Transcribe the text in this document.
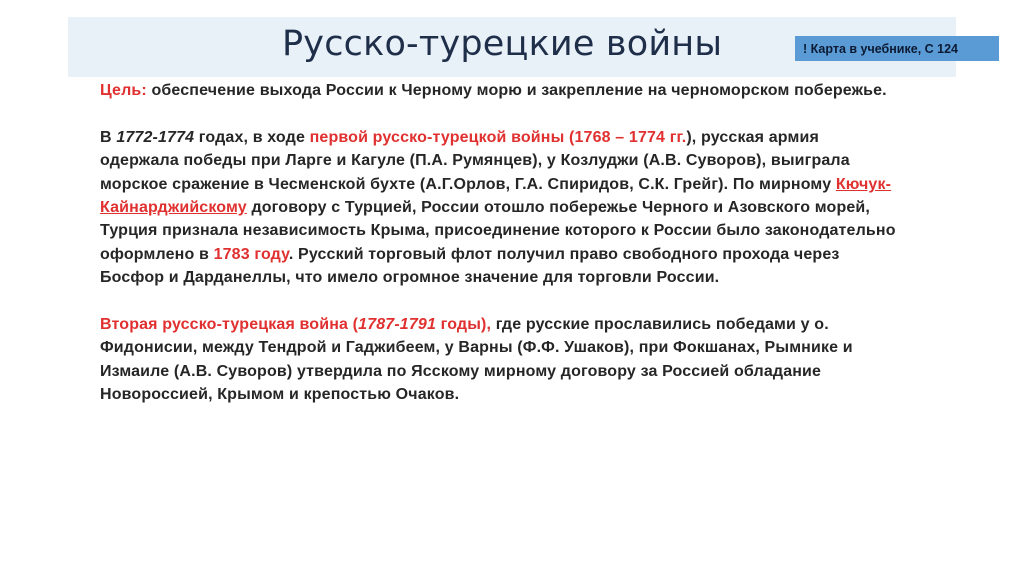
Русско-турецкие войны	! Карта в учебнике, С 124

Цель: обеспечение выхода России к Черному морю и закрепление на черноморском побережье.

В 1772-1774 годах, в ходе первой русско-турецкой войны (1768 – 1774 гг.), русская армия одержала победы при Ларге и Кагуле (П.А. Румянцев), у Козлуджи (А.В. Суворов), выиграла морское сражение в Чесменской бухте (А.Г.Орлов, Г.А. Спиридов, С.К. Грейг). По мирному Кючук-Кайнарджийскому договору с Турцией, России отошло побережье Черного и Азовского морей, Турция признала независимость Крыма, присоединение которого к России было законодательно оформлено в 1783 году. Русский торговый флот получил право свободного прохода через Босфор и Дарданеллы, что имело огромное значение для торговли России.

Вторая русско-турецкая война (1787-1791 годы), где русские прославились победами у о. Фидонисии, между Тендрой и Гаджибеем, у Варны (Ф.Ф. Ушаков), при Фокшанах, Рымнике и Измаиле (А.В. Суворов) утвердила по Ясскому мирному договору за Россией обладание Новороссией, Крымом и крепостью Очаков.
